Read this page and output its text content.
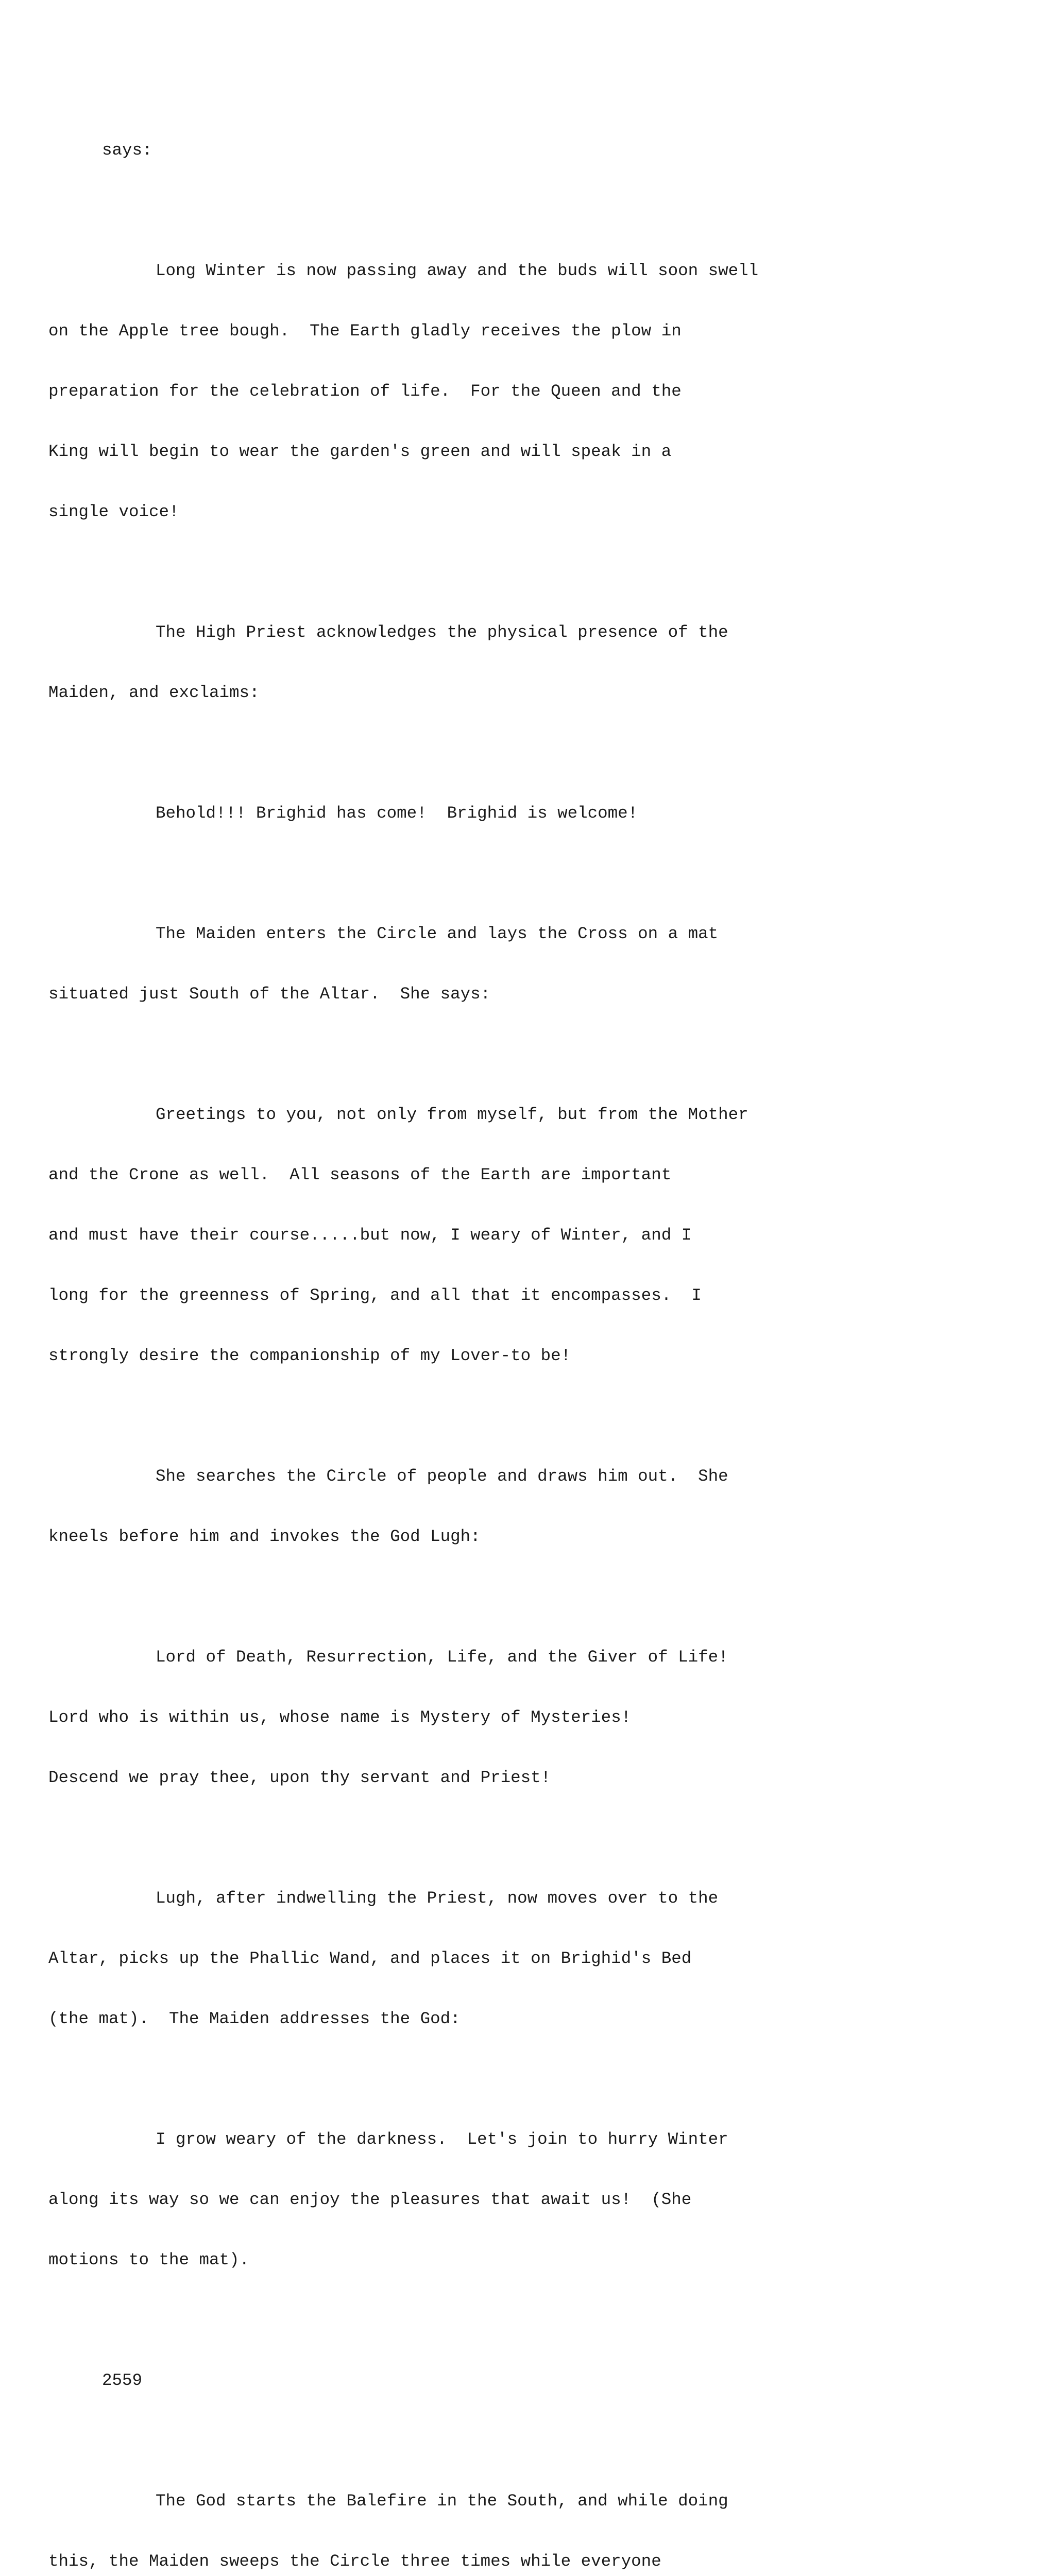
says:

Long Winter is now passing away and the buds will soon swell

on the Apple tree bough.  The Earth gladly receives the plow in

preparation for the celebration of life.  For the Queen and the

King will begin to wear the garden's green and will speak in a

single voice!

The High Priest acknowledges the physical presence of the

Maiden, and exclaims:

Behold!!! Brighid has come!  Brighid is welcome!

The Maiden enters the Circle and lays the Cross on a mat

situated just South of the Altar.  She says:

Greetings to you, not only from myself, but from the Mother

and the Crone as well.  All seasons of the Earth are important

and must have their course.....but now, I weary of Winter, and I

long for the greenness of Spring, and all that it encompasses.  I

strongly desire the companionship of my Lover-to be!

She searches the Circle of people and draws him out.  She

kneels before him and invokes the God Lugh:

Lord of Death, Resurrection, Life, and the Giver of Life!

Lord who is within us, whose name is Mystery of Mysteries!

Descend we pray thee, upon thy servant and Priest!

Lugh, after indwelling the Priest, now moves over to the

Altar, picks up the Phallic Wand, and places it on Brighid's Bed

(the mat).  The Maiden addresses the God:

I grow weary of the darkness.  Let's join to hurry Winter

along its way so we can enjoy the pleasures that await us!  (She

motions to the mat).

2559

The God starts the Balefire in the South, and while doing

this, the Maiden sweeps the Circle three times while everyone
